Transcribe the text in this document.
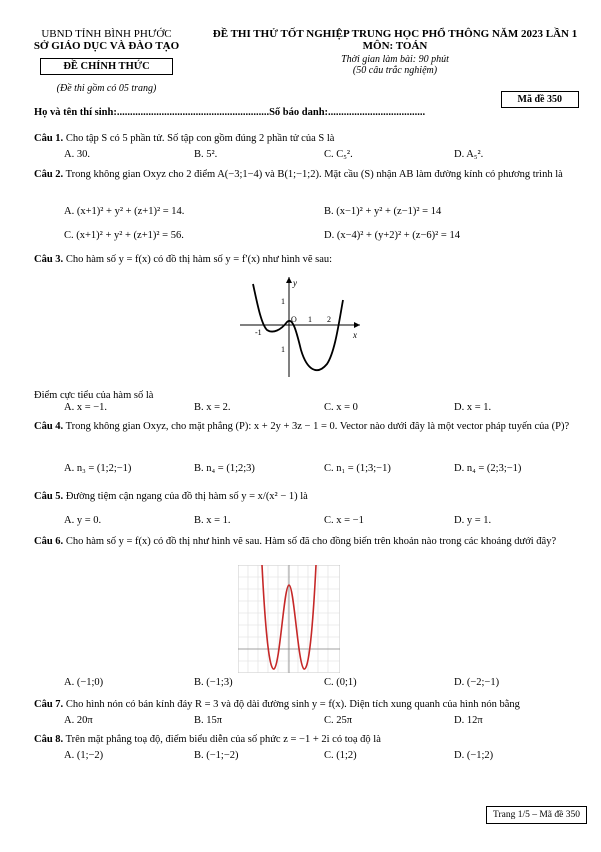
UBND TỈNH BÌNH PHƯỚC
SỞ GIÁO DỤC VÀ ĐÀO TẠO
ĐỀ CHÍNH THỨC
(Đề thi gồm có 05 trang)
ĐỀ THI THỬ TỐT NGHIỆP TRUNG HỌC PHỔ THÔNG NĂM 2023 LẦN 1
MÔN: TOÁN
Thời gian làm bài: 90 phút
(50 câu trắc nghiệm)
Mã đề 350
Họ và tên thí sinh:..........................................................Số báo danh:.....................................
Câu 1. Cho tập S có 5 phần tử. Số tập con gồm đúng 2 phần tử của S là
A. 30.	B. 5².	C. C₅².	D. A₅².
Câu 2. Trong không gian Oxyz cho 2 điểm A(−3;1−4) và B(1;−1;2). Mặt cầu (S) nhận AB làm đường kính có phương trình là
A. (x+1)² + y² + (z+1)² = 14.	B. (x−1)² + y² + (z−1)² = 14
C. (x+1)² + y² + (z+1)² = 56.	D. (x−4)² + (y+2)² + (z−6)² = 14
Câu 3. Cho hàm số y = f(x) có đồ thị hàm số y = f′(x) như hình vẽ sau:
y
x
O 1 2
-1
1
1
Điểm cực tiểu của hàm số là
A. x = −1.	B. x = 2.	C. x = 0	D. x = 1.
Câu 4. Trong không gian Oxyz, cho mặt phẳng (P): x + 2y + 3z − 1 = 0. Vector nào dưới đây là một vector pháp tuyến của (P)?
A. n₃ = (1;2;−1)	B. n₄ = (1;2;3)	C. n₁ = (1;3;−1)	D. n₄ = (2;3;−1)
Câu 5. Đường tiệm cận ngang của đồ thị hàm số y = x/(x² − 1) là
A. y = 0.	B. x = 1.	C. x = −1	D. y = 1.
Câu 6. Cho hàm số y = f(x) có đồ thị như hình vẽ sau. Hàm số đã cho đồng biến trên khoản nào trong các khoảng dưới đây?
A. (−1;0)	B. (−1;3)	C. (0;1)	D. (−2;−1)
Câu 7. Cho hình nón có bán kính đáy R = 3 và độ dài đường sinh y = f(x). Diện tích xung quanh của hình nón bằng
A. 20π	B. 15π	C. 25π	D. 12π
Câu 8. Trên mặt phẳng toạ độ, điểm biểu diễn của số phức z = −1 + 2i có toạ độ là
A. (1;−2)	B. (−1;−2)	C. (1;2)	D. (−1;2)
Trang 1/5 – Mã đề 350
